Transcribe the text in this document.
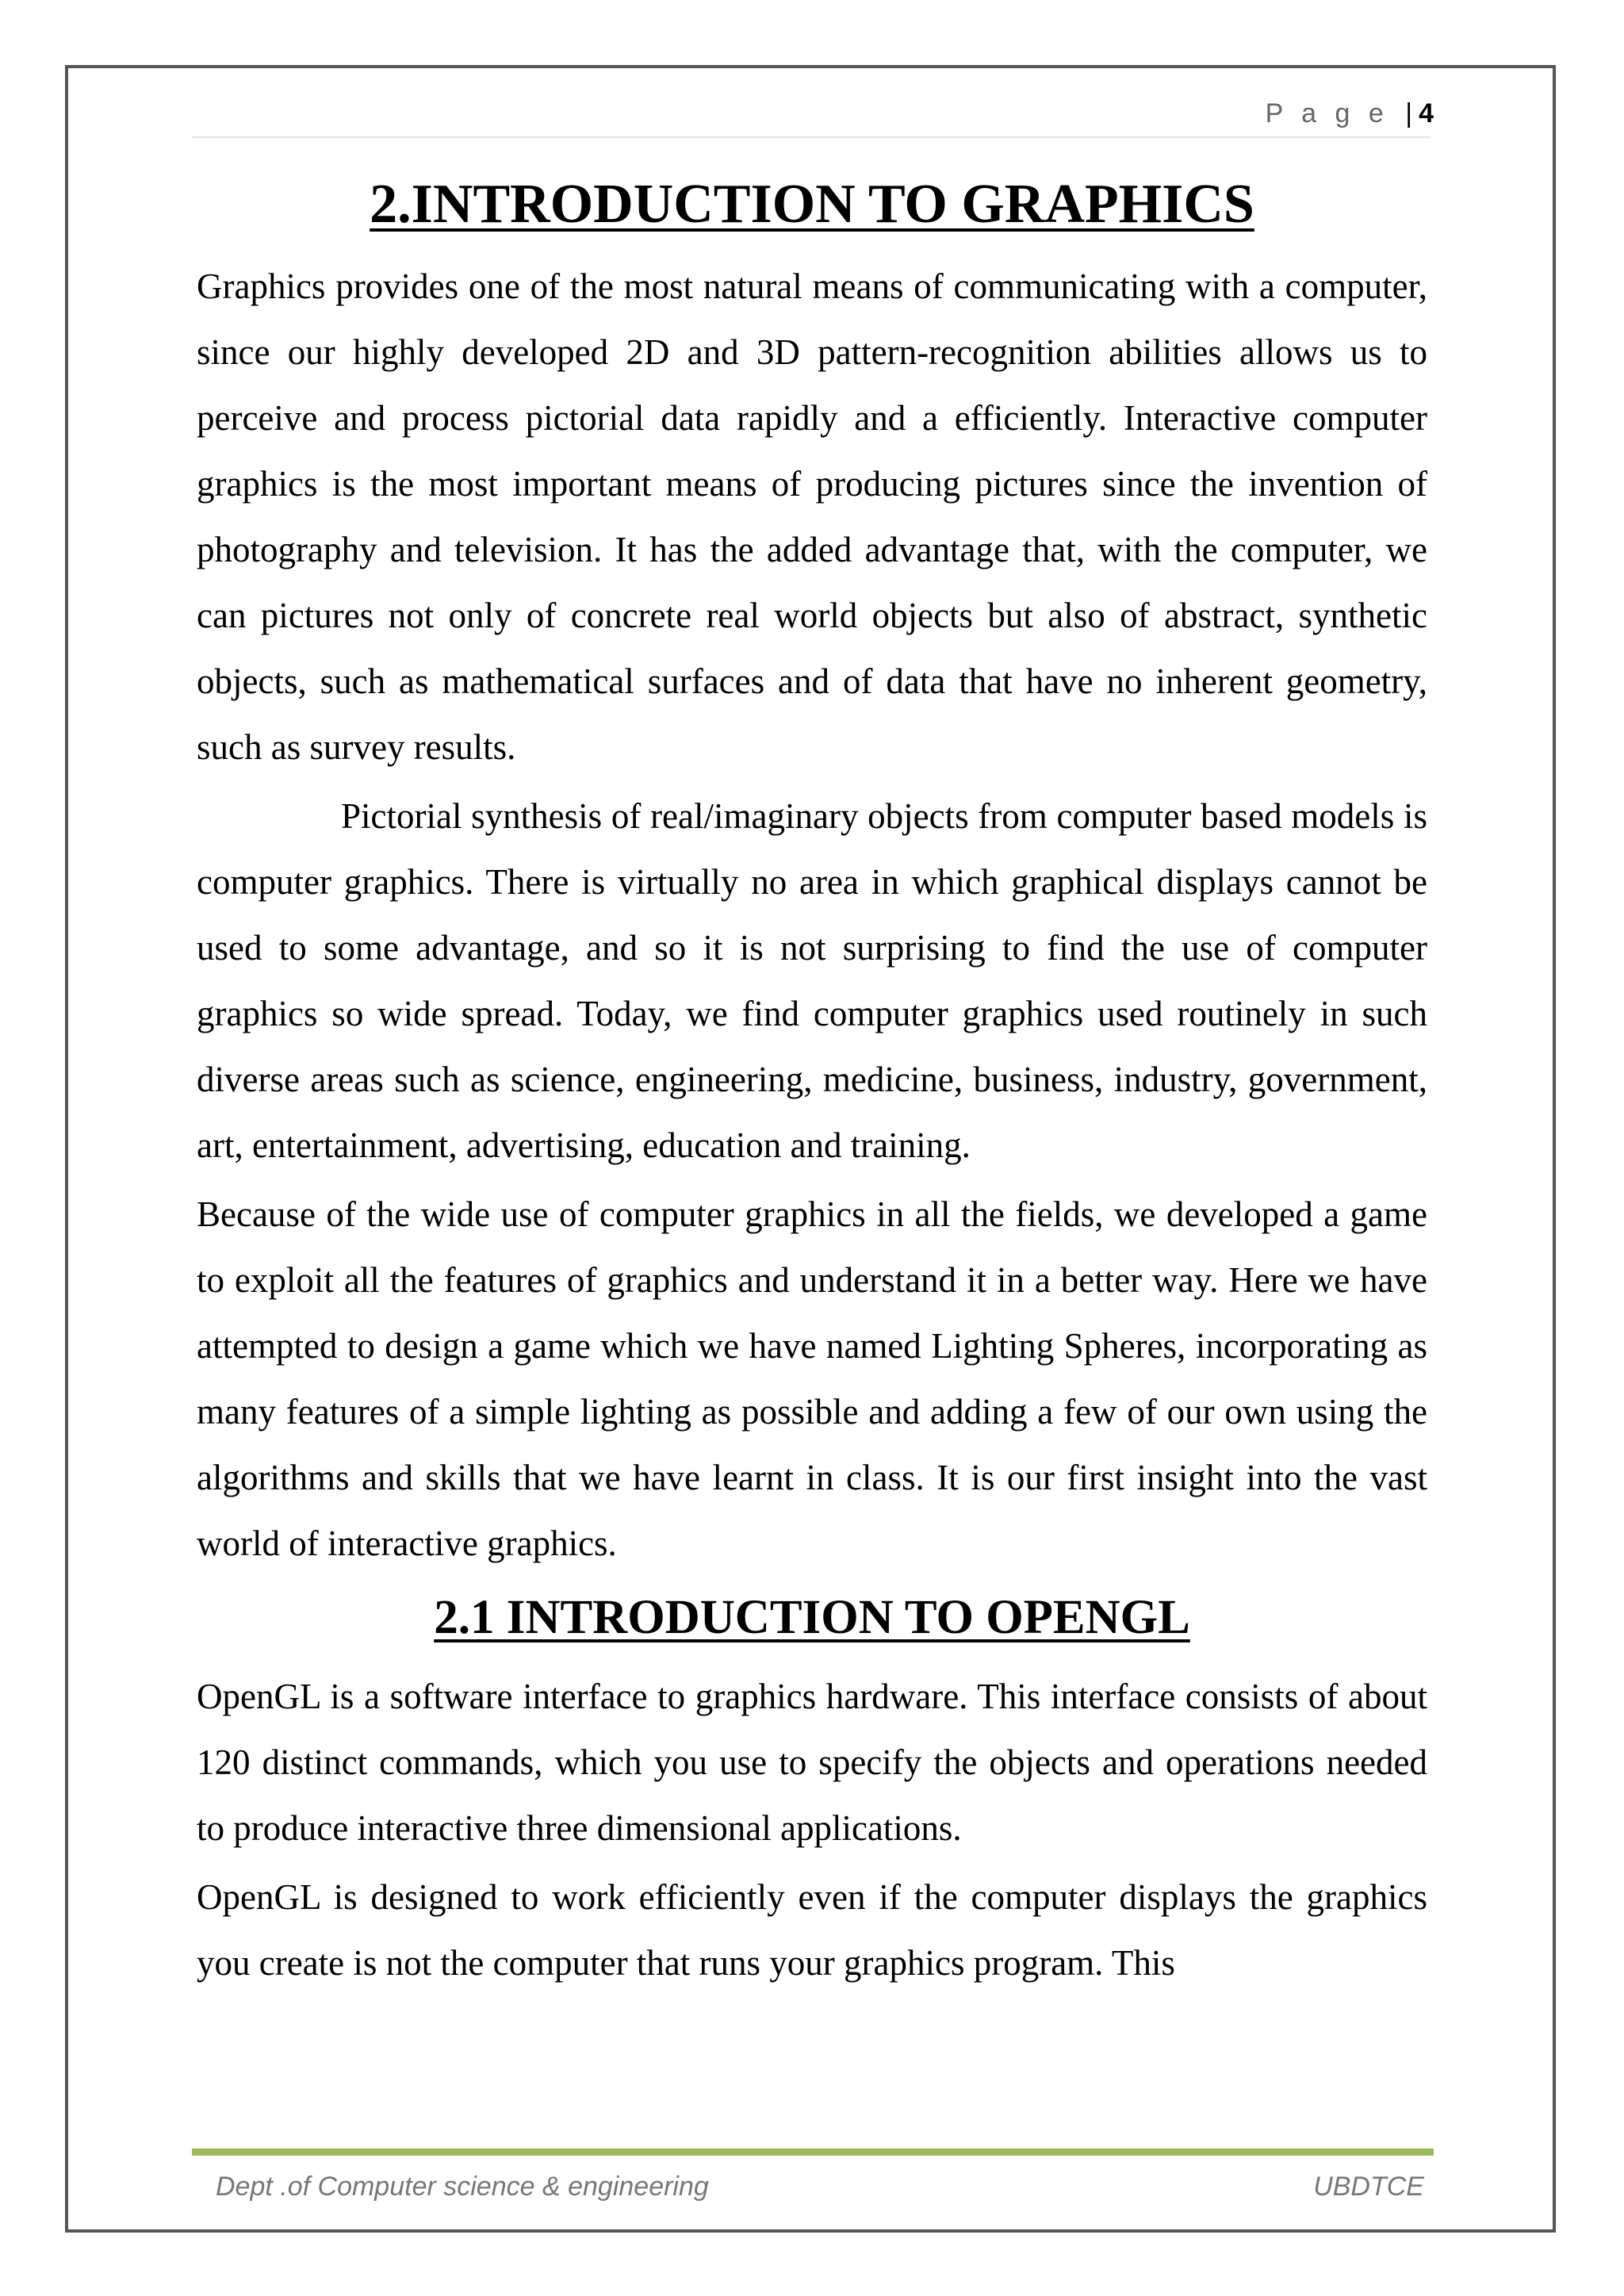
P a g e | 4
2.INTRODUCTION TO GRAPHICS

Graphics provides one of the most natural means of communicating with a computer, since our highly developed 2D and 3D pattern-recognition abilities allows us to perceive and process pictorial data rapidly and a efficiently. Interactive computer graphics is the most important means of producing pictures since the invention of photography and television. It has the added advantage that, with the computer, we can pictures not only of concrete real world objects but also of abstract, synthetic objects, such as mathematical surfaces and of data that have no inherent geometry, such as survey results.

Pictorial synthesis of real/imaginary objects from computer based models is computer graphics. There is virtually no area in which graphical displays cannot be used to some advantage, and so it is not surprising to find the use of computer graphics so wide spread. Today, we find computer graphics used routinely in such diverse areas such as science, engineering, medicine, business, industry, government, art, entertainment, advertising, education and training.

Because of the wide use of computer graphics in all the fields, we developed a game to exploit all the features of graphics and understand it in a better way. Here we have attempted to design a game which we have named Lighting Spheres, incorporating as many features of a simple lighting as possible and adding a few of our own using the algorithms and skills that we have learnt in class. It is our first insight into the vast world of interactive graphics.

2.1 INTRODUCTION TO OPENGL

OpenGL is a software interface to graphics hardware. This interface consists of about 120 distinct commands, which you use to specify the objects and operations needed to produce interactive three dimensional applications.

OpenGL is designed to work efficiently even if the computer displays the graphics you create is not the computer that runs your graphics program. This

Dept .of Computer science & engineering	UBDTCE
